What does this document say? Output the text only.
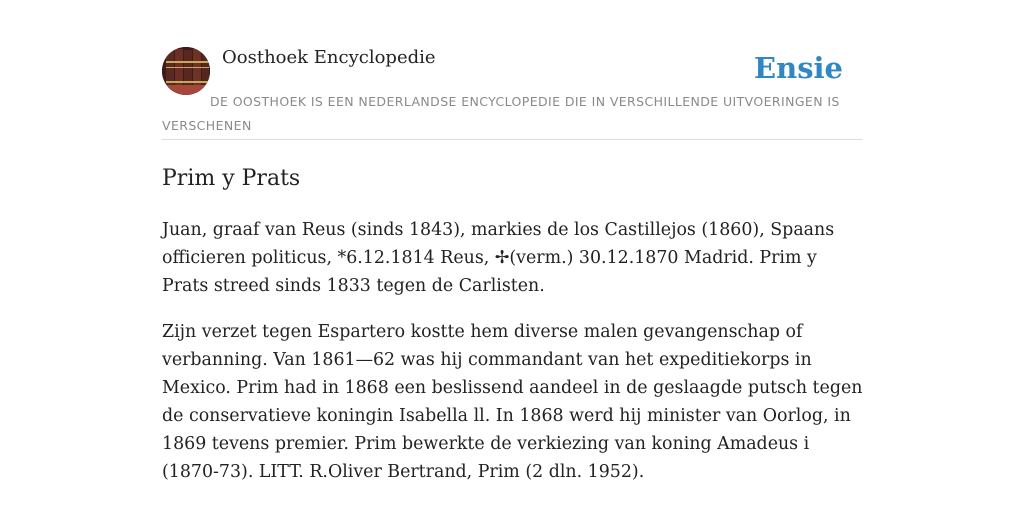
Oosthoek Encyclopedie	Ensie
DE OOSTHOEK IS EEN NEDERLANDSE ENCYCLOPEDIE DIE IN VERSCHILLENDE UITVOERINGEN IS VERSCHENEN
Prim y Prats

Juan, graaf van Reus (sinds 1843), markies de los Castillejos (1860), Spaans officieren politicus, *6.12.1814 Reus, ✢(verm.) 30.12.1870 Madrid. Prim y Prats streed sinds 1833 tegen de Carlisten.

Zijn verzet tegen Espartero kostte hem diverse malen gevangenschap of verbanning. Van 1861—62 was hij commandant van het expeditiekorps in Mexico. Prim had in 1868 een beslissend aandeel in de geslaagde putsch tegen de conservatieve koningin Isabella ll. In 1868 werd hij minister van Oorlog, in 1869 tevens premier. Prim bewerkte de verkiezing van koning Amadeus i (1870-73). LITT. R.Oliver Bertrand, Prim (2 dln. 1952).
